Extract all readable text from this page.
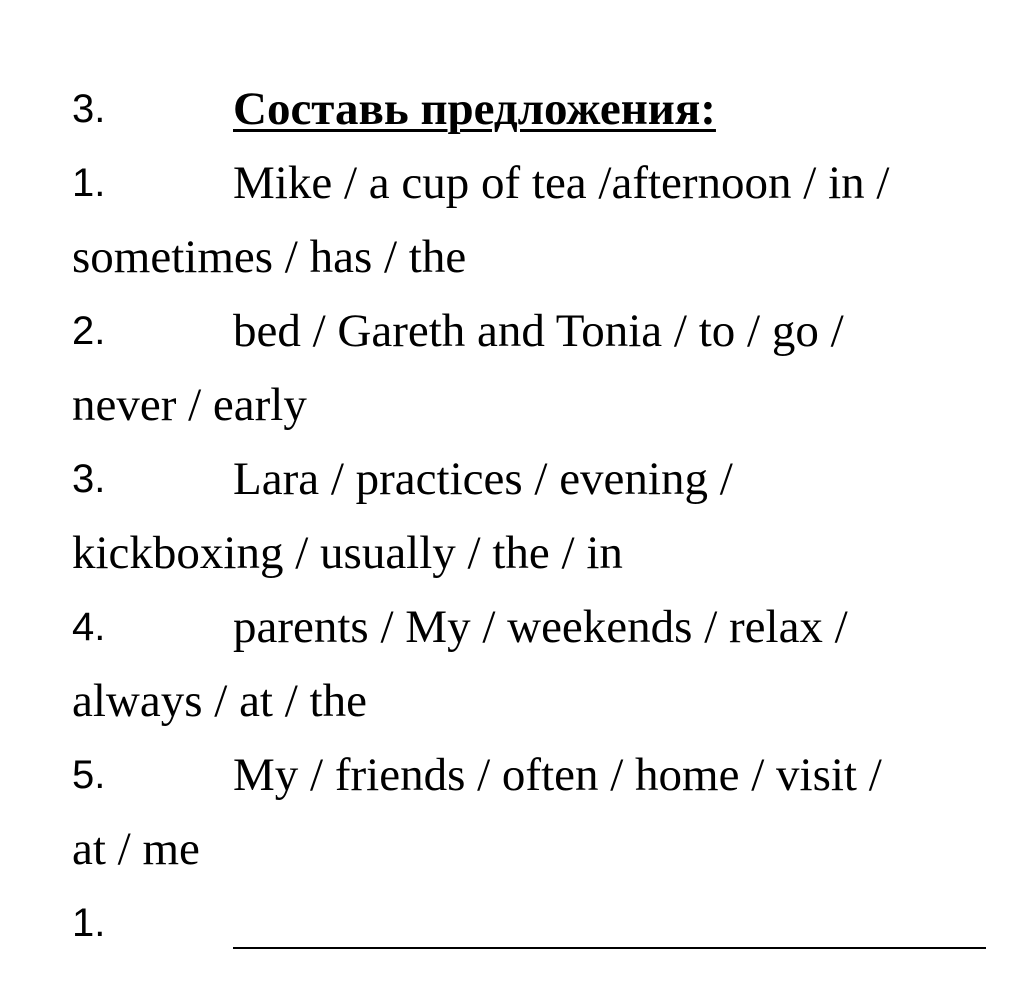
3.	Составь предложения:
1.	Mike / a cup of tea /afternoon / in /
sometimes / has / the
2.	bed / Gareth and Tonia / to / go /
never / early
3.	Lara / practices / evening /
kickboxing / usually / the / in
4.	parents / My / weekends / relax /
always / at / the
5.	My / friends / often / home / visit /
at / me
1.
